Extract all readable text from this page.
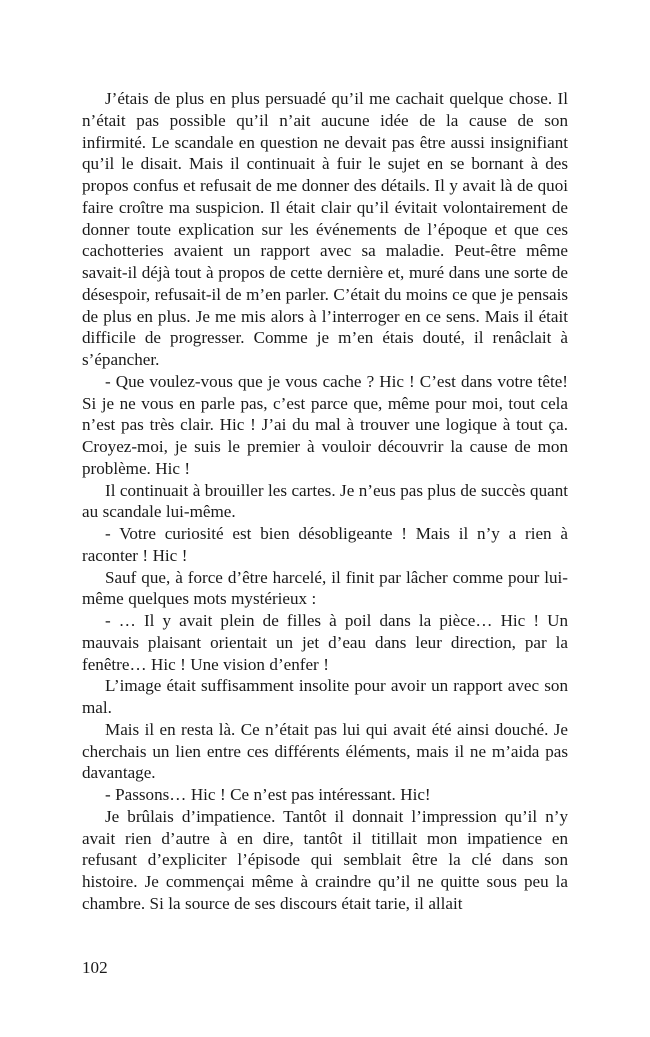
J’étais de plus en plus persuadé qu’il me cachait quelque chose. Il n’était pas possible qu’il n’ait aucune idée de la cause de son infirmité. Le scandale en question ne devait pas être aussi insignifiant qu’il le disait. Mais il continuait à fuir le sujet en se bornant à des propos confus et refusait de me donner des détails. Il y avait là de quoi faire croître ma suspicion. Il était clair qu’il évitait volontairement de donner toute explication sur les événements de l’époque et que ces cachotteries avaient un rapport avec sa maladie. Peut-être même savait-il déjà tout à propos de cette dernière et, muré dans une sorte de désespoir, refusait-il de m’en parler. C’était du moins ce que je pensais de plus en plus. Je me mis alors à l’interroger en ce sens. Mais il était difficile de progresser. Comme je m’en étais douté, il renâclait à s’épancher.

- Que voulez-vous que je vous cache ? Hic ! C’est dans votre tête! Si je ne vous en parle pas, c’est parce que, même pour moi, tout cela n’est pas très clair. Hic ! J’ai du mal à trouver une logique à tout ça. Croyez-moi, je suis le premier à vouloir découvrir la cause de mon problème. Hic !

Il continuait à brouiller les cartes. Je n’eus pas plus de succès quant au scandale lui-même.

- Votre curiosité est bien désobligeante ! Mais il n’y a rien à raconter ! Hic !

Sauf que, à force d’être harcelé, il finit par lâcher comme pour lui-même quelques mots mystérieux :

- … Il y avait plein de filles à poil dans la pièce… Hic ! Un mauvais plaisant orientait un jet d’eau dans leur direction, par la fenêtre… Hic ! Une vision d’enfer !

L’image était suffisamment insolite pour avoir un rapport avec son mal.

Mais il en resta là. Ce n’était pas lui qui avait été ainsi douché. Je cherchais un lien entre ces différents éléments, mais il ne m’aida pas davantage.

- Passons… Hic ! Ce n’est pas intéressant. Hic!

Je brûlais d’impatience. Tantôt il donnait l’impression qu’il n’y avait rien d’autre à en dire, tantôt il titillait mon impatience en refusant d’expliciter l’épisode qui semblait être la clé dans son histoire. Je commençai même à craindre qu’il ne quitte sous peu la chambre. Si la source de ses discours était tarie, il allait

102
